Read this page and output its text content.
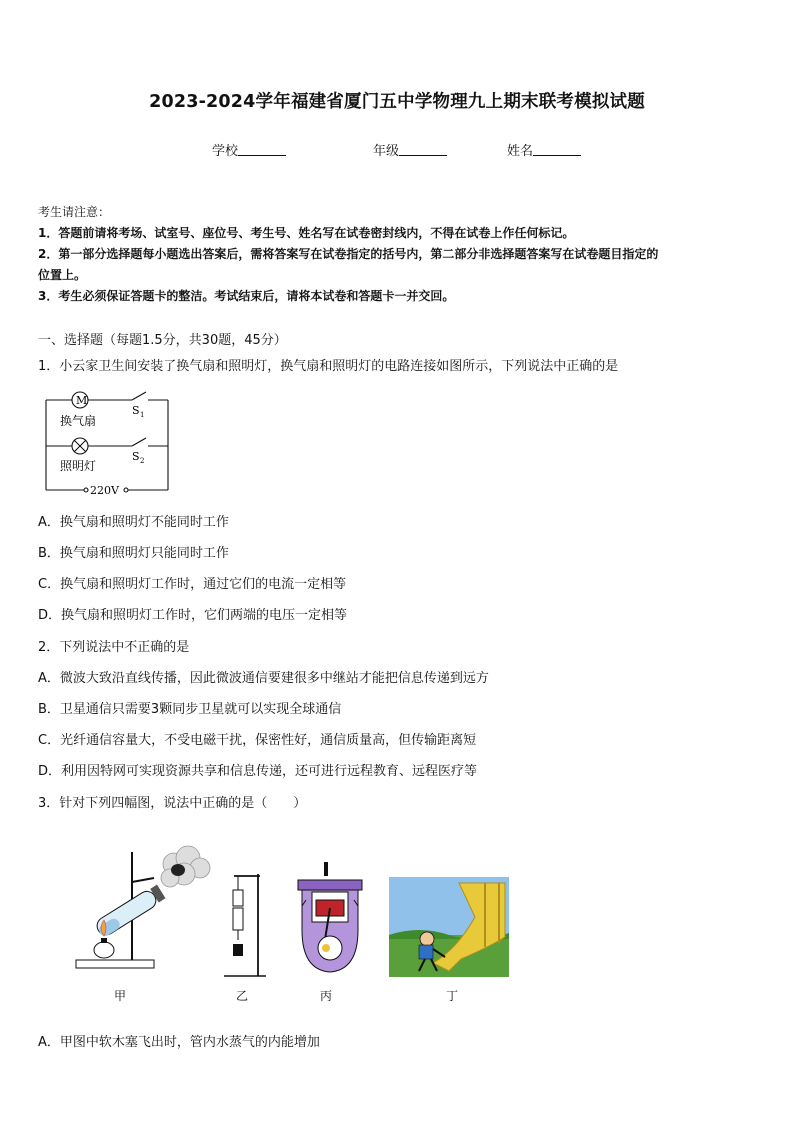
2023-2024学年福建省厦门五中学物理九上期末联考模拟试题
学校	年级	姓名
考生请注意：
1．答题前请将考场、试室号、座位号、考生号、姓名写在试卷密封线内，不得在试卷上作任何标记。
2．第一部分选择题每小题选出答案后，需将答案写在试卷指定的括号内，第二部分非选择题答案写在试卷题目指定的
位置上。
3．考生必须保证答题卡的整洁。考试结束后，请将本试卷和答题卡一并交回。
一、选择题（每题1.5分，共30题，45分）
1．小云家卫生间安装了换气扇和照明灯，换气扇和照明灯的电路连接如图所示，下列说法中正确的是
M
换气扇
照明灯
S 1
S 2
220V
A．换气扇和照明灯不能同时工作
B．换气扇和照明灯只能同时工作
C．换气扇和照明灯工作时，通过它们的电流一定相等
D．换气扇和照明灯工作时，它们两端的电压一定相等
2．下列说法中不正确的是
A．微波大致沿直线传播，因此微波通信要建很多中继站才能把信息传递到远方
B．卫星通信只需要3颗同步卫星就可以实现全球通信
C．光纤通信容量大，不受电磁干扰，保密性好，通信质量高，但传输距离短
D．利用因特网可实现资源共享和信息传递，还可进行远程教育、远程医疗等
3．针对下列四幅图，说法中正确的是（　　）
甲	乙	丙	丁
A．甲图中软木塞飞出时，管内水蒸气的内能增加
